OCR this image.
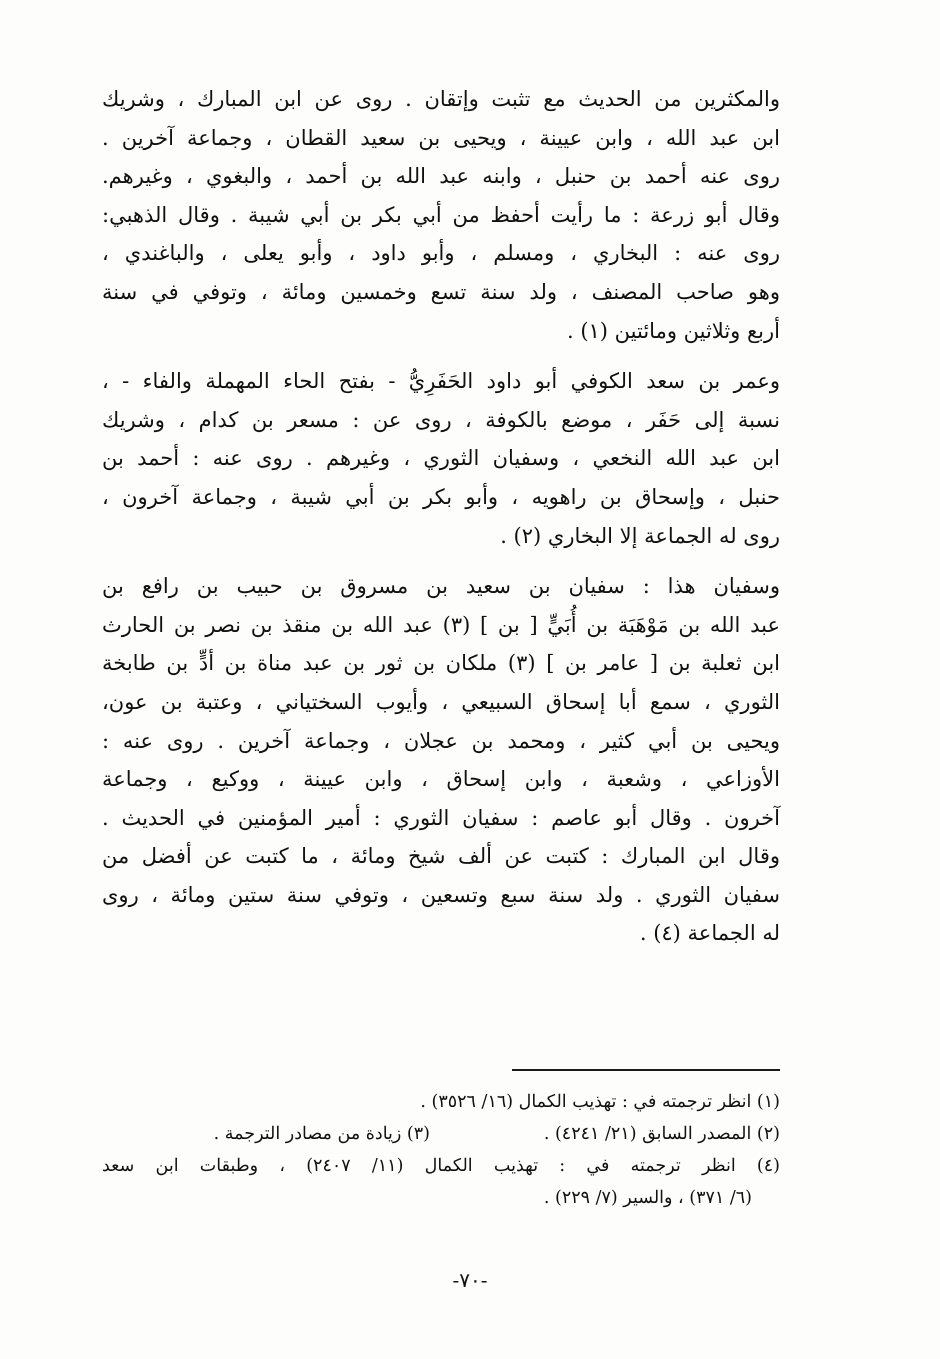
والمكثرين من الحديث مع تثبت وإتقان . روى عن ابن المبارك ، وشريك
ابن عبد الله ، وابن عيينة ، ويحيى بن سعيد القطان ، وجماعة آخرين .
روى عنه أحمد بن حنبل ، وابنه عبد الله بن أحمد ، والبغوي ، وغيرهم.
وقال أبو زرعة : ما رأيت أحفظ من أبي بكر بن أبي شيبة . وقال الذهبي:
روى عنه : البخاري ، ومسلم ، وأبو داود ، وأبو يعلى ، والباغندي ،
وهو صاحب المصنف ، ولد سنة تسع وخمسين ومائة ، وتوفي في سنة
أربع وثلاثين ومائتين (١) .
وعمر بن سعد الكوفي أبو داود الحَفَرِيُّ - بفتح الحاء المهملة والفاء - ،
نسبة إلى حَفَر ، موضع بالكوفة ، روى عن : مسعر بن كدام ، وشريك
ابن عبد الله النخعي ، وسفيان الثوري ، وغيرهم . روى عنه : أحمد بن
حنبل ، وإسحاق بن راهويه ، وأبو بكر بن أبي شيبة ، وجماعة آخرون ،
روى له الجماعة إلا البخاري (٢) .
وسفيان هذا : سفيان بن سعيد بن مسروق بن حبيب بن رافع بن
عبد الله بن مَوْهَبَة بن أُبَيٍّ [ بن ] (٣) عبد الله بن منقذ بن نصر بن الحارث
ابن ثعلبة بن [ عامر بن ] (٣) ملكان بن ثور بن عبد مناة بن أدٍّ بن طابخة
الثوري ، سمع أبا إسحاق السبيعي ، وأيوب السختياني ، وعتبة بن عون،
ويحيى بن أبي كثير ، ومحمد بن عجلان ، وجماعة آخرين . روى عنه :
الأوزاعي ، وشعبة ، وابن إسحاق ، وابن عيينة ، ووكيع ، وجماعة
آخرون . وقال أبو عاصم : سفيان الثوري : أمير المؤمنين في الحديث .
وقال ابن المبارك : كتبت عن ألف شيخ ومائة ، ما كتبت عن أفضل من
سفيان الثوري . ولد سنة سبع وتسعين ، وتوفي سنة ستين ومائة ، روى
له الجماعة (٤) .
(١) انظر ترجمته في : تهذيب الكمال (١٦/ ٣٥٢٦) .
(٢) المصدر السابق (٢١/ ٤٢٤١) .
(٣) زيادة من مصادر الترجمة .
(٤) انظر ترجمته في : تهذيب الكمال (١١/ ٢٤٠٧) ، وطبقات ابن سعد
(٦/ ٣٧١) ، والسير (٧/ ٢٢٩) .
-٧٠-
